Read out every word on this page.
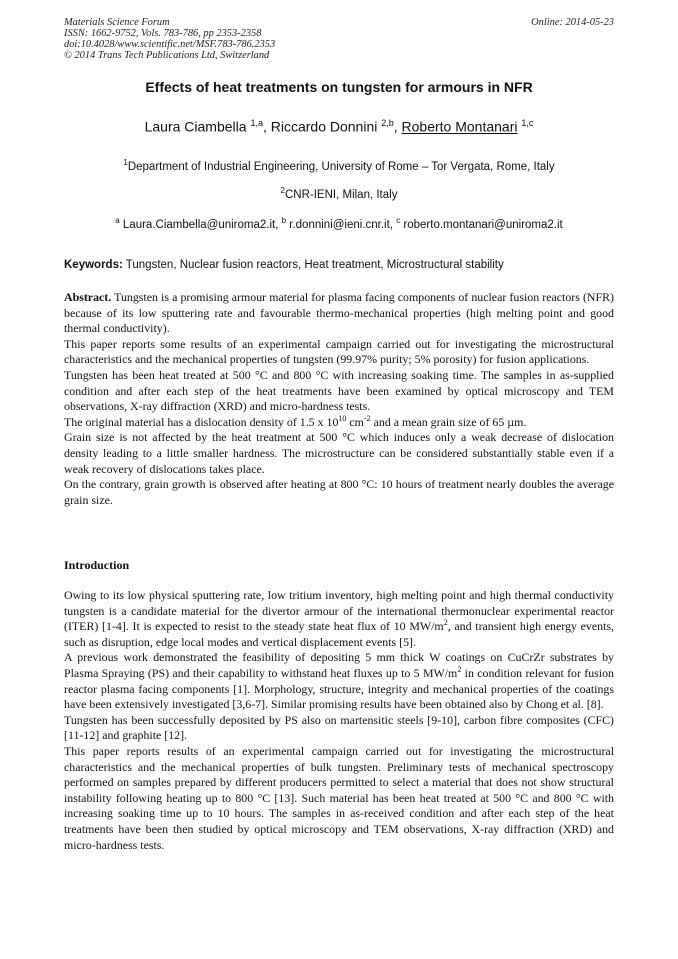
Materials Science Forum
ISSN: 1662-9752, Vols. 783-786, pp 2353-2358
doi:10.4028/www.scientific.net/MSF.783-786.2353
© 2014 Trans Tech Publications Ltd, Switzerland
Online: 2014-05-23
Effects of heat treatments on tungsten for armours in NFR
Laura Ciambella $^{1,a}$, Riccardo Donnini $^{2,b}$, Roberto Montanari $^{1,c}$
$^1$Department of Industrial Engineering, University of Rome – Tor Vergata, Rome, Italy
$^2$CNR-IENI, Milan, Italy
$^a$ Laura.Ciambella@uniroma2.it, $^b$ r.donnini@ieni.cnr.it, $^c$ roberto.montanari@uniroma2.it
Keywords: Tungsten, Nuclear fusion reactors, Heat treatment, Microstructural stability

Abstract. Tungsten is a promising armour material for plasma facing components of nuclear fusion reactors (NFR) because of its low sputtering rate and favourable thermo-mechanical properties (high melting point and good thermal conductivity).

This paper reports some results of an experimental campaign carried out for investigating the microstructural characteristics and the mechanical properties of tungsten (99.97% purity; 5% porosity) for fusion applications.

Tungsten has been heat treated at 500 °C and 800 °C with increasing soaking time. The samples in as-supplied condition and after each step of the heat treatments have been examined by optical microscopy and TEM observations, X-ray diffraction (XRD) and micro-hardness tests.

The original material has a dislocation density of 1.5 x $10^{10}$ $cm^{-2}$ and a mean grain size of 65 µm.

Grain size is not affected by the heat treatment at 500 °C which induces only a weak decrease of dislocation density leading to a little smaller hardness. The microstructure can be considered substantially stable even if a weak recovery of dislocations takes place.

On the contrary, grain growth is observed after heating at 800 °C: 10 hours of treatment nearly doubles the average grain size.

Introduction

Owing to its low physical sputtering rate, low tritium inventory, high melting point and high thermal conductivity tungsten is a candidate material for the divertor armour of the international thermonuclear experimental reactor (ITER) [1-4]. It is expected to resist to the steady state heat flux of 10 $MW/m^2$, and transient high energy events, such as disruption, edge local modes and vertical displacement events [5].

A previous work demonstrated the feasibility of depositing 5 mm thick W coatings on CuCrZr substrates by Plasma Spraying (PS) and their capability to withstand heat fluxes up to 5 $MW/m^2$ in condition relevant for fusion reactor plasma facing components [1]. Morphology, structure, integrity and mechanical properties of the coatings have been extensively investigated [3,6-7]. Similar promising results have been obtained also by Chong et al. [8].

Tungsten has been successfully deposited by PS also on martensitic steels [9-10], carbon fibre composites (CFC) [11-12] and graphite [12].

This paper reports results of an experimental campaign carried out for investigating the microstructural characteristics and the mechanical properties of bulk tungsten. Preliminary tests of mechanical spectroscopy performed on samples prepared by different producers permitted to select a material that does not show structural instability following heating up to 800 °C [13]. Such material has been heat treated at 500 °C and 800 °C with increasing soaking time up to 10 hours. The samples in as-received condition and after each step of the heat treatments have been then studied by optical microscopy and TEM observations, X-ray diffraction (XRD) and micro-hardness tests.
